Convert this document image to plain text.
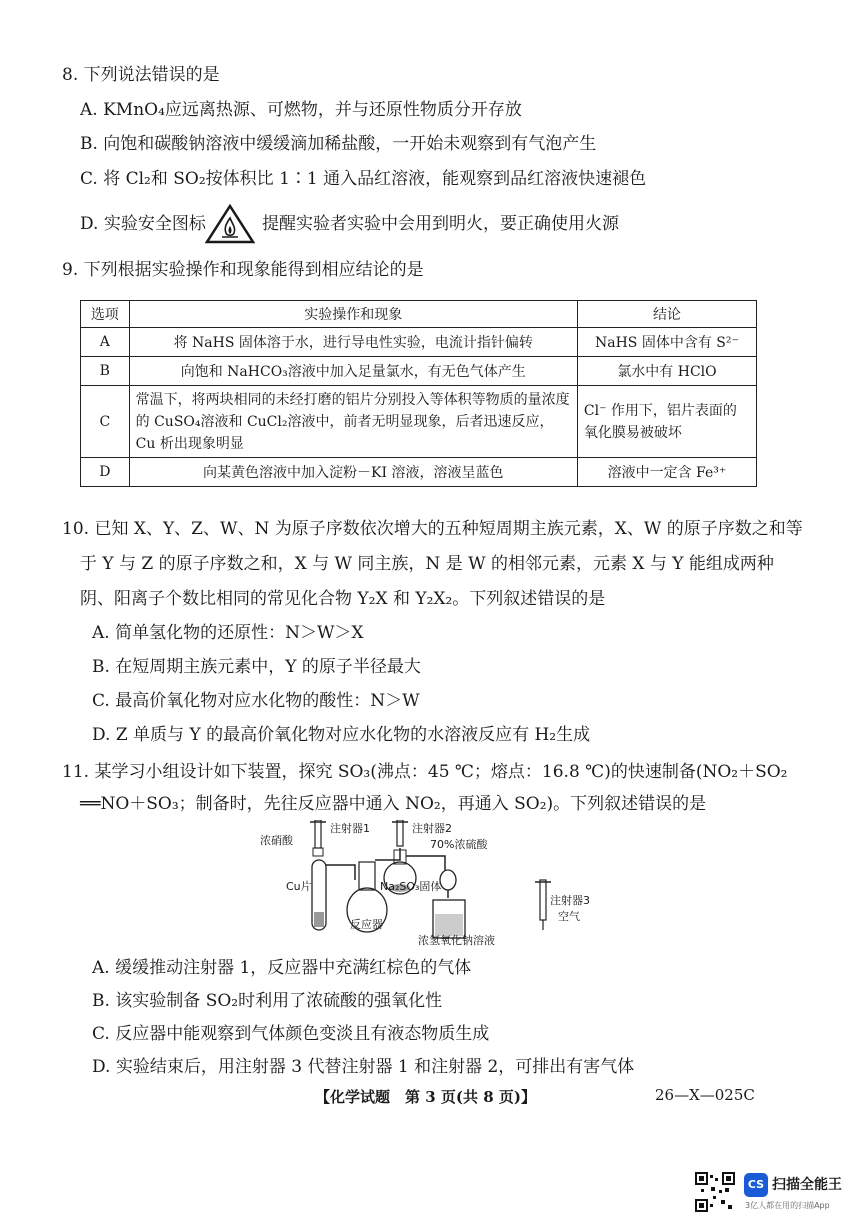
8. 下列说法错误的是
A. KMnO₄应远离热源、可燃物，并与还原性物质分开存放
B. 向饱和碳酸钠溶液中缓缓滴加稀盐酸，一开始未观察到有气泡产生
C. 将 Cl₂和 SO₂按体积比 1∶1 通入品红溶液，能观察到品红溶液快速褪色
D. 实验安全图标	提醒实验者实验中会用到明火，要正确使用火源
9. 下列根据实验操作和现象能得到相应结论的是
选项	实验操作和现象	结论
A	将 NaHS 固体溶于水，进行导电性实验，电流计指针偏转	NaHS 固体中含有 S²⁻
B	向饱和 NaHCO₃溶液中加入足量氯水，有无色气体产生	氯水中有 HClO
C	常温下，将两块相同的未经打磨的铝片分别投入等体积等物质的量浓度的 CuSO₄溶液和 CuCl₂溶液中，前者无明显现象，后者迅速反应，Cu 析出现象明显	Cl⁻ 作用下，铝片表面的氧化膜易被破坏
D	向某黄色溶液中加入淀粉－KI 溶液，溶液呈蓝色	溶液中一定含 Fe³⁺
10. 已知 X、Y、Z、W、N 为原子序数依次增大的五种短周期主族元素，X、W 的原子序数之和等
于 Y 与 Z 的原子序数之和，X 与 W 同主族，N 是 W 的相邻元素，元素 X 与 Y 能组成两种
阴、阳离子个数比相同的常见化合物 Y₂X 和 Y₂X₂。下列叙述错误的是
A. 简单氢化物的还原性：N＞W＞X
B. 在短周期主族元素中，Y 的原子半径最大
C. 最高价氧化物对应水化物的酸性：N＞W
D. Z 单质与 Y 的最高价氧化物对应水化物的水溶液反应有 H₂生成
11. 某学习小组设计如下装置，探究 SO₃(沸点：45 ℃；熔点：16.8 ℃)的快速制备(NO₂＋SO₂
══NO＋SO₃；制备时，先往反应器中通入 NO₂，再通入 SO₂)。下列叙述错误的是
浓硝酸
注射器1	注射器2
70%浓硫酸
Cu片	Na₂SO₃固体
反应器
浓氢氧化钠溶液
注射器3
空气
A. 缓缓推动注射器 1，反应器中充满红棕色的气体
B. 该实验制备 SO₂时利用了浓硫酸的强氧化性
C. 反应器中能观察到气体颜色变淡且有液态物质生成
D. 实验结束后，用注射器 3 代替注射器 1 和注射器 2，可排出有害气体
【化学试题　第 3 页(共 8 页)】	26—X—025C
CS 扫描全能王
3亿人都在用的扫描App
